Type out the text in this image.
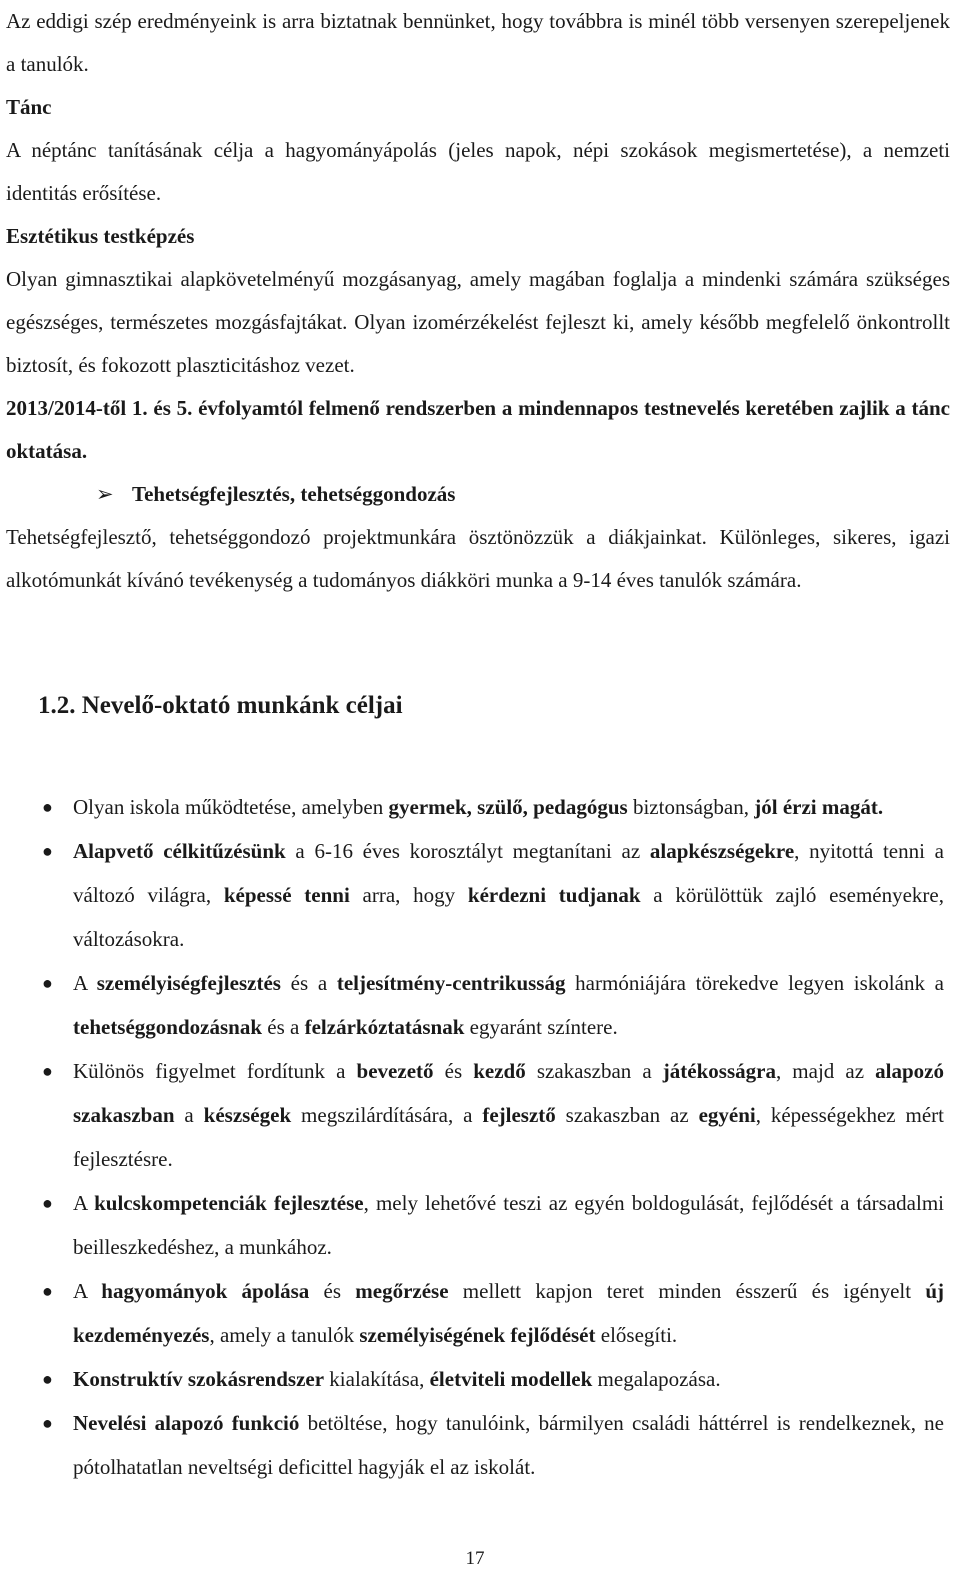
Az eddigi szép eredményeink is arra biztatnak bennünket, hogy továbbra is minél több versenyen szerepeljenek a tanulók.

Tánc

A néptánc tanításának célja a hagyományápolás (jeles napok, népi szokások megismertetése), a nemzeti identitás erősítése.

Esztétikus testképzés

Olyan gimnasztikai alapkövetelményű mozgásanyag, amely magában foglalja a mindenki számára szükséges egészséges, természetes mozgásfajtákat. Olyan izomérzékelést fejleszt ki, amely később megfelelő önkontrollt biztosít, és fokozott plaszticitáshoz vezet.

2013/2014-től 1. és 5. évfolyamtól felmenő rendszerben a mindennapos testnevelés keretében zajlik a tánc oktatása.

➢ Tehetségfejlesztés, tehetséggondozás

Tehetségfejlesztő, tehetséggondozó projektmunkára ösztönözzük a diákjainkat. Különleges, sikeres, igazi alkotómunkát kívánó tevékenység a tudományos diákköri munka a 9-14 éves tanulók számára.

1.2. Nevelő-oktató munkánk céljai
● Olyan iskola működtetése, amelyben gyermek, szülő, pedagógus biztonságban, jól érzi magát.
● Alapvető célkitűzésünk a 6-16 éves korosztályt megtanítani az alapkészségekre, nyitottá tenni a változó világra, képessé tenni arra, hogy kérdezni tudjanak a körülöttük zajló eseményekre, változásokra.
● A személyiségfejlesztés és a teljesítmény-centrikusság harmóniájára törekedve legyen iskolánk a tehetséggondozásnak és a felzárkóztatásnak egyaránt színtere.
● Különös figyelmet fordítunk a bevezető és kezdő szakaszban a játékosságra, majd az alapozó szakaszban a készségek megszilárdítására, a fejlesztő szakaszban az egyéni, képességekhez mért fejlesztésre.
● A kulcskompetenciák fejlesztése, mely lehetővé teszi az egyén boldogulását, fejlődését a társadalmi beilleszkedéshez, a munkához.
● A hagyományok ápolása és megőrzése mellett kapjon teret minden ésszerű és igényelt új kezdeményezés, amely a tanulók személyiségének fejlődését elősegíti.
● Konstruktív szokásrendszer kialakítása, életviteli modellek megalapozása.
● Nevelési alapozó funkció betöltése, hogy tanulóink, bármilyen családi háttérrel is rendelkeznek, ne pótolhatatlan neveltségi deficittel hagyják el az iskolát.
17
